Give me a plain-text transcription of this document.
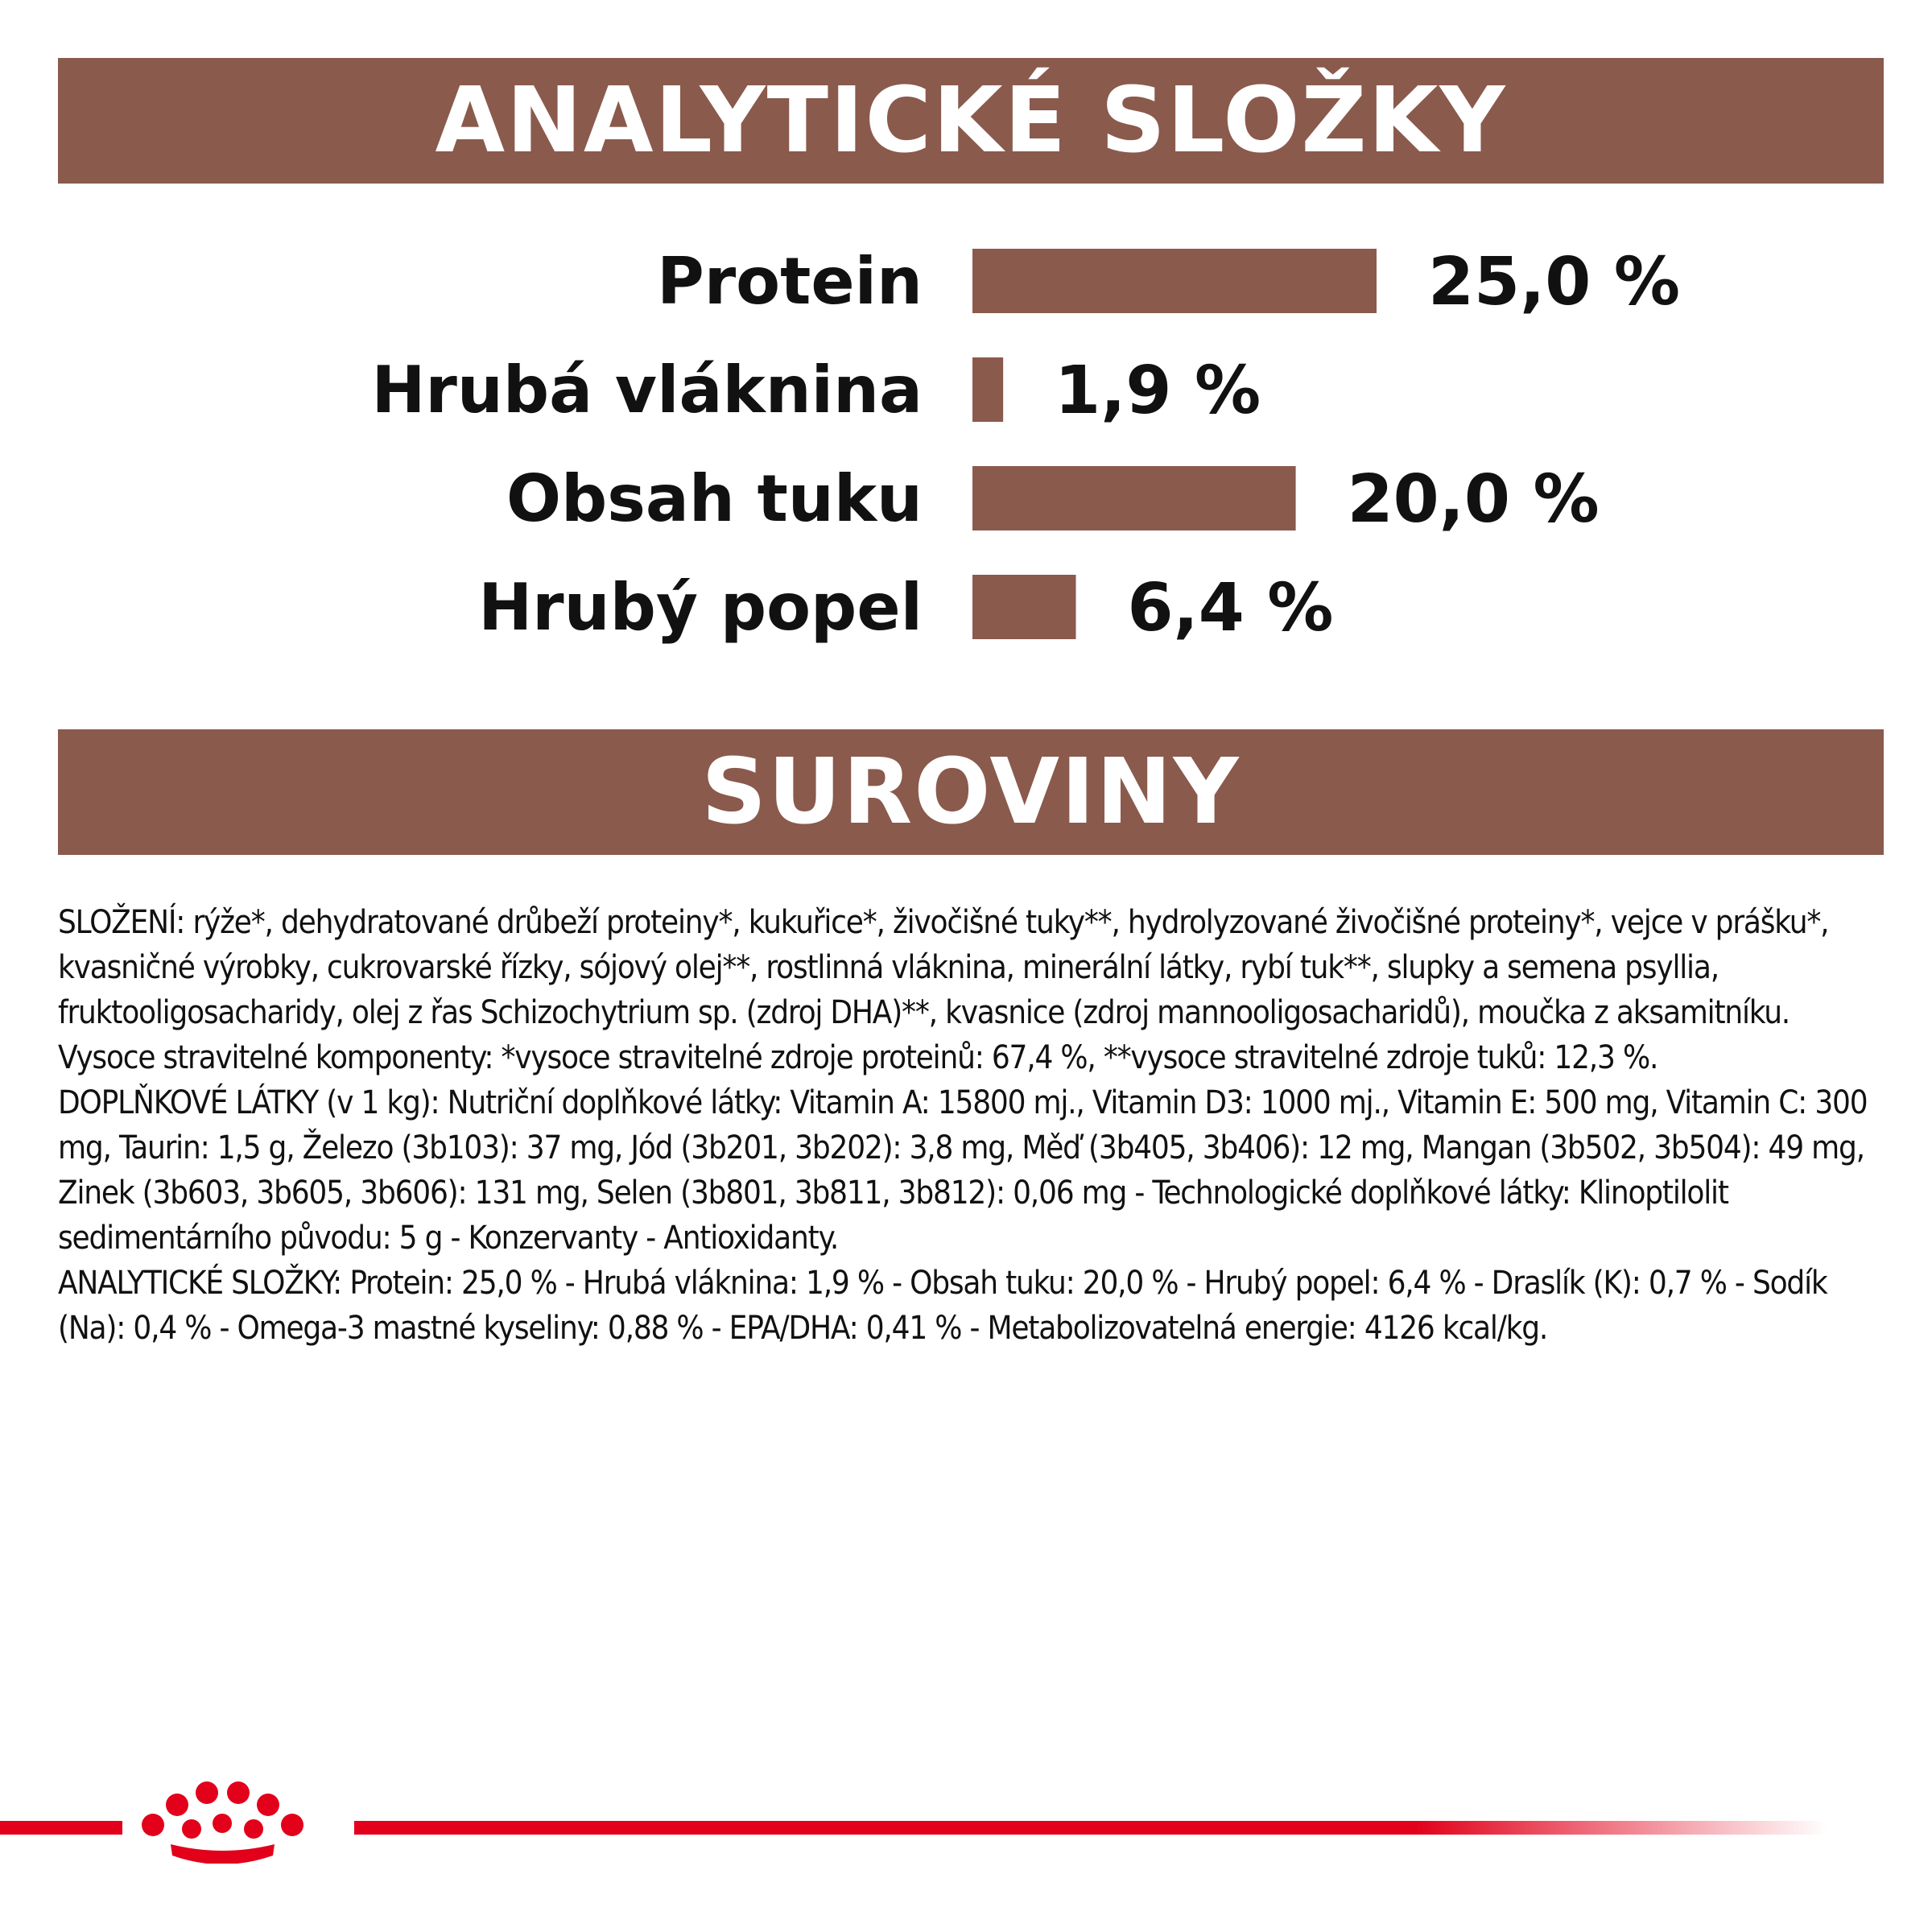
ANALYTICKÉ SLOŽKY
Protein	25,0 %
Hrubá vláknina 1,9 %
Obsah tuku	20,0 %
Hrubý popel	6,4 %
SUROVINY

SLOŽENÍ: rýže*, dehydratované drůbeží proteiny*, kukuřice*, živočišné tuky**, hydrolyzované živočišné proteiny*, vejce v prášku*, kvasničné výrobky, cukrovarské řízky, sójový olej**, rostlinná vláknina, minerální látky, rybí tuk**, slupky a semena psyllia, fruktooligosacharidy, olej z řas Schizochytrium sp. (zdroj DHA)**, kvasnice (zdroj mannooligosacharidů), moučka z aksamitníku. Vysoce stravitelné komponenty: *vysoce stravitelné zdroje proteinů: 67,4 %, **vysoce stravitelné zdroje tuků: 12,3 %.

DOPLŇKOVÉ LÁTKY (v 1 kg): Nutriční doplňkové látky: Vitamin A: 15800 mj., Vitamin D3: 1000 mj., Vitamin E: 500 mg, Vitamin C: 300 mg, Taurin: 1,5 g, Železo (3b103): 37 mg, Jód (3b201, 3b202): 3,8 mg, Měď (3b405, 3b406): 12 mg, Mangan (3b502, 3b504): 49 mg, Zinek (3b603, 3b605, 3b606): 131 mg, Selen (3b801, 3b811, 3b812): 0,06 mg - Technologické doplňkové látky: Klinoptilolit sedimentárního původu: 5 g - Konzervanty - Antioxidanty.

ANALYTICKÉ SLOŽKY: Protein: 25,0 % - Hrubá vláknina: 1,9 % - Obsah tuku: 20,0 % - Hrubý popel: 6,4 % - Draslík (K): 0,7 % - Sodík (Na): 0,4 % - Omega-3 mastné kyseliny: 0,88 % - EPA/DHA: 0,41 % - Metabolizovatelná energie: 4126 kcal/kg.
